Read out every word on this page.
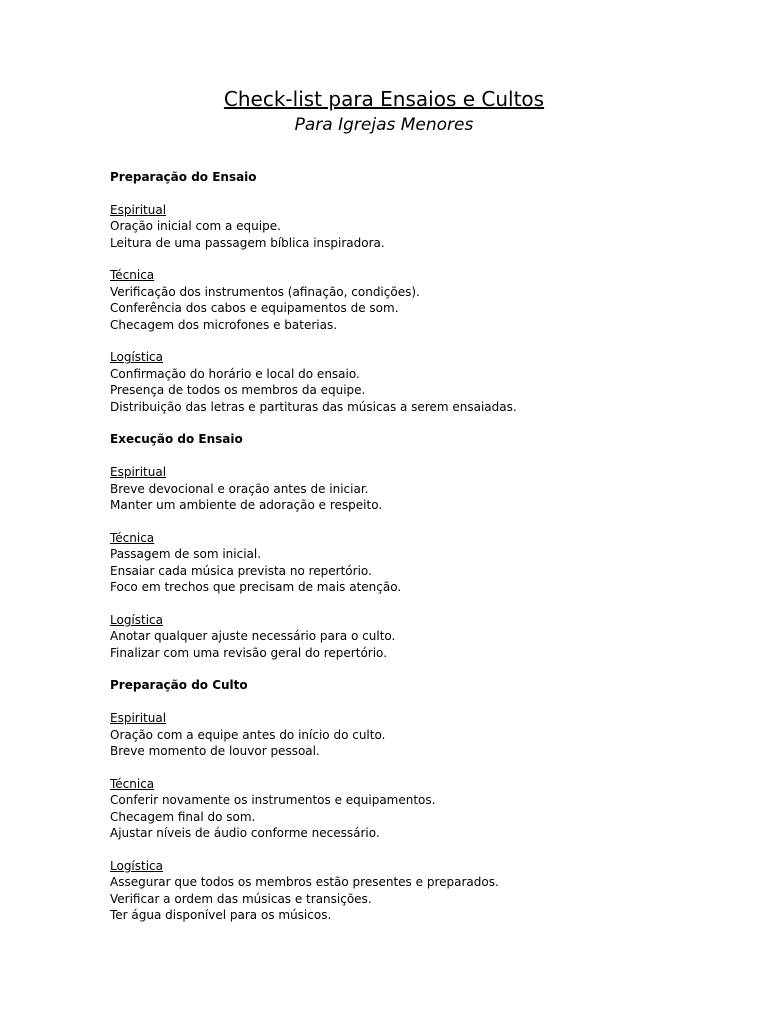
Check-list para Ensaios e Cultos
Para Igrejas Menores

Preparação do Ensaio

Espiritual

Oração inicial com a equipe.

Leitura de uma passagem bíblica inspiradora.

Técnica

Verificação dos instrumentos (afinação, condições).

Conferência dos cabos e equipamentos de som.

Checagem dos microfones e baterias.

Logística

Confirmação do horário e local do ensaio.

Presença de todos os membros da equipe.

Distribuição das letras e partituras das músicas a serem ensaiadas.

Execução do Ensaio

Espiritual

Breve devocional e oração antes de iniciar.

Manter um ambiente de adoração e respeito.

Técnica

Passagem de som inicial.

Ensaiar cada música prevista no repertório.

Foco em trechos que precisam de mais atenção.

Logística

Anotar qualquer ajuste necessário para o culto.

Finalizar com uma revisão geral do repertório.

Preparação do Culto

Espiritual

Oração com a equipe antes do início do culto.

Breve momento de louvor pessoal.

Técnica

Conferir novamente os instrumentos e equipamentos.

Checagem final do som.

Ajustar níveis de áudio conforme necessário.

Logística

Assegurar que todos os membros estão presentes e preparados.

Verificar a ordem das músicas e transições.

Ter água disponível para os músicos.
